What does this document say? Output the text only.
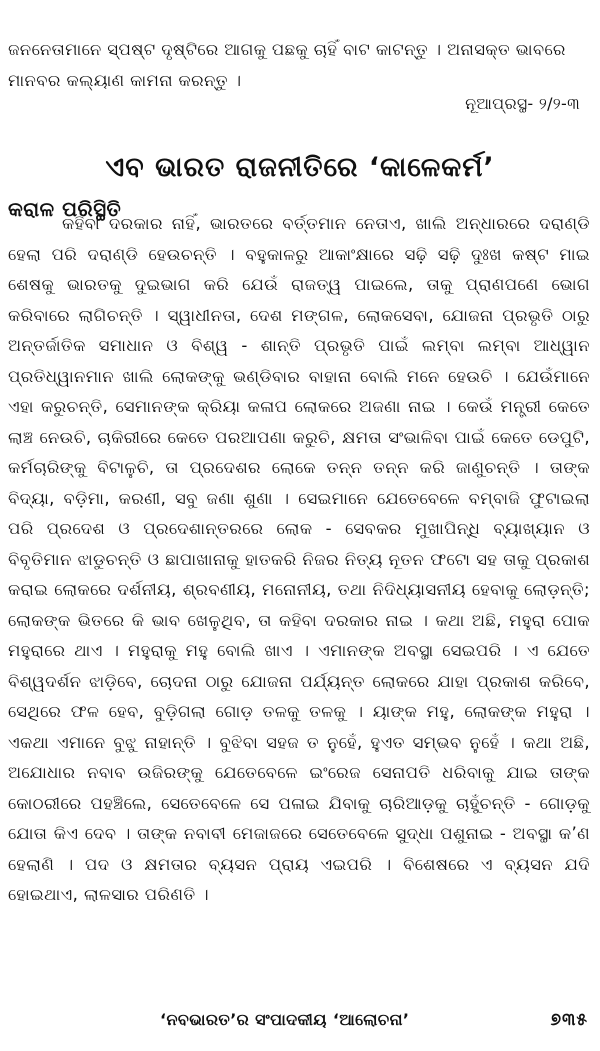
ଜନନେତାମାନେ ସ୍ପଷ୍ଟ ଦୃଷ୍ଟିରେ ଆଗକୁ ପଛକୁ ଚାହିଁ ବାଟ କାଟନ୍ତୁ । ଅନାସକ୍ତ ଭାବରେ ମାନବର କଲ୍ୟାଣ କାମନା କରନ୍ତୁ ।

ନୂଆପ୍ରସ୍ଥ- ୨/୨-୩
ଏବ ଭାରତ ରାଜନୀତିରେ ‘କାଳେକର୍ମ’
କରାଳ ପରିସ୍ଥିତି
କହିବା ଦରକାର ନାହିଁ, ଭାରତରେ ବର୍ତ୍ତମାନ ନେତାଏ, ଖାଲି ଅନ୍ଧାରରେ ଦରାଣ୍ଡି ହେଲା ପରି ଦରାଣ୍ଡି ହେଉଚନ୍ତି । ବହୁକାଳରୁ ଆକାଂକ୍ଷାରେ ସଢ଼ି ସଢ଼ି ଦୁଃଖ କଷ୍ଟ ମାଇ ଶେଷକୁ ଭାରତକୁ ଦୁଇଭାଗ କରି ଯେଉଁ ରାଜତ୍ୱ ପାଇଲେ, ତାକୁ ପ୍ରାଣପଣେ ଭୋଗ କରିବାରେ ଲାଗିଚନ୍ତି । ସ୍ୱାଧୀନତା, ଦେଶ ମଙ୍ଗଳ, ଲୋକସେବା, ଯୋଜନା ପ୍ରଭୃତି ଠାରୁ ଅନ୍ତର୍ଜାତିକ ସମାଧାନ ଓ ବିଶ୍ୱ - ଶାନ୍ତି ପ୍ରଭୃତି ପାଇଁ ଲମ୍ବା ଲମ୍ବା ଆଧ୍ୱାନ ପ୍ରତିଧ୍ୱାନମାନ ଖାଲି ଲୋକଙ୍କୁ ଭଣ୍ଡିବାର ବାହାନା ବୋଲି ମନେ ହେଉଚି । ଯେଉଁମାନେ ଏହା କରୁଚନ୍ତି, ସେମାନଙ୍କ କ୍ରିୟା କଳାପ ଲୋକରେ ଅଜଣା ନାଇ । କେଉଁ ମନ୍ତ୍ରୀ କେତେ ଲାଞ୍ଚ ନେଉଚି, ଚାକିରୀରେ କେତେ ପରଆପଣା କରୁଚି, କ୍ଷମତା ସଂଭାଳିବା ପାଇଁ କେତେ ଡେପୁଟି, କର୍ମଚାରିଙ୍କୁ ବିଟାଳୁଚି, ତା ପ୍ରଦେଶର ଲୋକେ ତନ୍ନ ତନ୍ନ କରି ଜାଣୁଚନ୍ତି । ତାଙ୍କ ବିଦ୍ୟା, ବଡ଼ିମା, କରଣୀ, ସବୁ ଜଣା ଶୁଣା । ସେଇମାନେ ଯେତେବେଳେ ବମ୍ବାଜି ଫୁଟାଇଲା ପରି ପ୍ରଦେଶ ଓ ପ୍ରଦେଶାନ୍ତରରେ ଲୋକ - ସେବକର ମୁଖାପିନ୍ଧି ବ୍ୟାଖ୍ୟାନ ଓ ବିବୃତିମାନ ଝାଡୁଚନ୍ତି ଓ ଛାପାଖାନାକୁ ହାତକରି ନିଜର ନିତ୍ୟ ନୂତନ ଫଟୋ ସହ ତାକୁ ପ୍ରକାଶ କରାଇ ଲୋକରେ ଦର୍ଶନୀୟ, ଶ୍ରବଣୀୟ, ମନୋନୀୟ, ତଥା ନିଦିଧ୍ୟାସନୀୟ ହେବାକୁ ଲୋଡ଼ନ୍ତି; ଲୋକଙ୍କ ଭିତରେ କି ଭାବ ଖେଳୁଥିବ, ତା କହିବା ଦରକାର ନାଇ । କଥା ଅଛି, ମହୁରା ପୋକ ମହୁରାରେ ଥାଏ । ମହୁରାକୁ ମହୁ ବୋଲି ଖାଏ । ଏମାନଙ୍କ ଅବସ୍ଥା ସେଇପରି । ଏ ଯେତେ ବିଶ୍ୱଦର୍ଶନ ଝାଡ଼ିବେ, ଚୋଦନା ଠାରୁ ଯୋଜନା ପର୍ଯ୍ୟନ୍ତ ଲୋକରେ ଯାହା ପ୍ରକାଶ କରିବେ, ସେଥିରେ ଫଳ ହେବ, ବୁଡ଼ିଗଲା ଗୋଡ଼ ତଳକୁ ତଳକୁ । ୟାଙ୍କ ମହୁ, ଲୋକଙ୍କ ମହୁରା । ଏକଥା ଏମାନେ ବୁଝୁ ନାହାନ୍ତି । ବୁଝିବା ସହଜ ତ ନୁହେଁ, ହୁଏତ ସମ୍ଭବ ନୁହେଁ । କଥା ଅଛି, ଅଯୋଧାର ନବାବ ଉଜିରଙ୍କୁ ଯେତେବେଳେ ଇଂରେଜ ସେନାପତି ଧରିବାକୁ ଯାଇ ତାଙ୍କ କୋଠରୀରେ ପହଞ୍ଚିଲେ, ସେତେବେଳେ ସେ ପଳାଇ ଯିବାକୁ ଚାରିଆଡ଼କୁ ଚାହୁଁଚନ୍ତି - ଗୋଡ଼କୁ ଯୋତା କିଏ ଦେବ । ତାଙ୍କ ନବାବୀ ମେଜାଜରେ ସେତେବେଳେ ସୁଦ୍ଧା ପଶୁନାଇ - ଅବସ୍ଥା କ’ଣ ହେଲାଣି । ପଦ ଓ କ୍ଷମତାର ବ୍ୟସନ ପ୍ରାୟ ଏଇପରି । ବିଶେଷରେ ଏ ବ୍ୟସନ ଯଦି ହୋଇଥାଏ, ଲାଳସାର ପରିଣତି ।
‘ନବଭାରତ’ର ସଂପାଦକୀୟ ‘ଆଲୋଚନା’	୭୩୫
